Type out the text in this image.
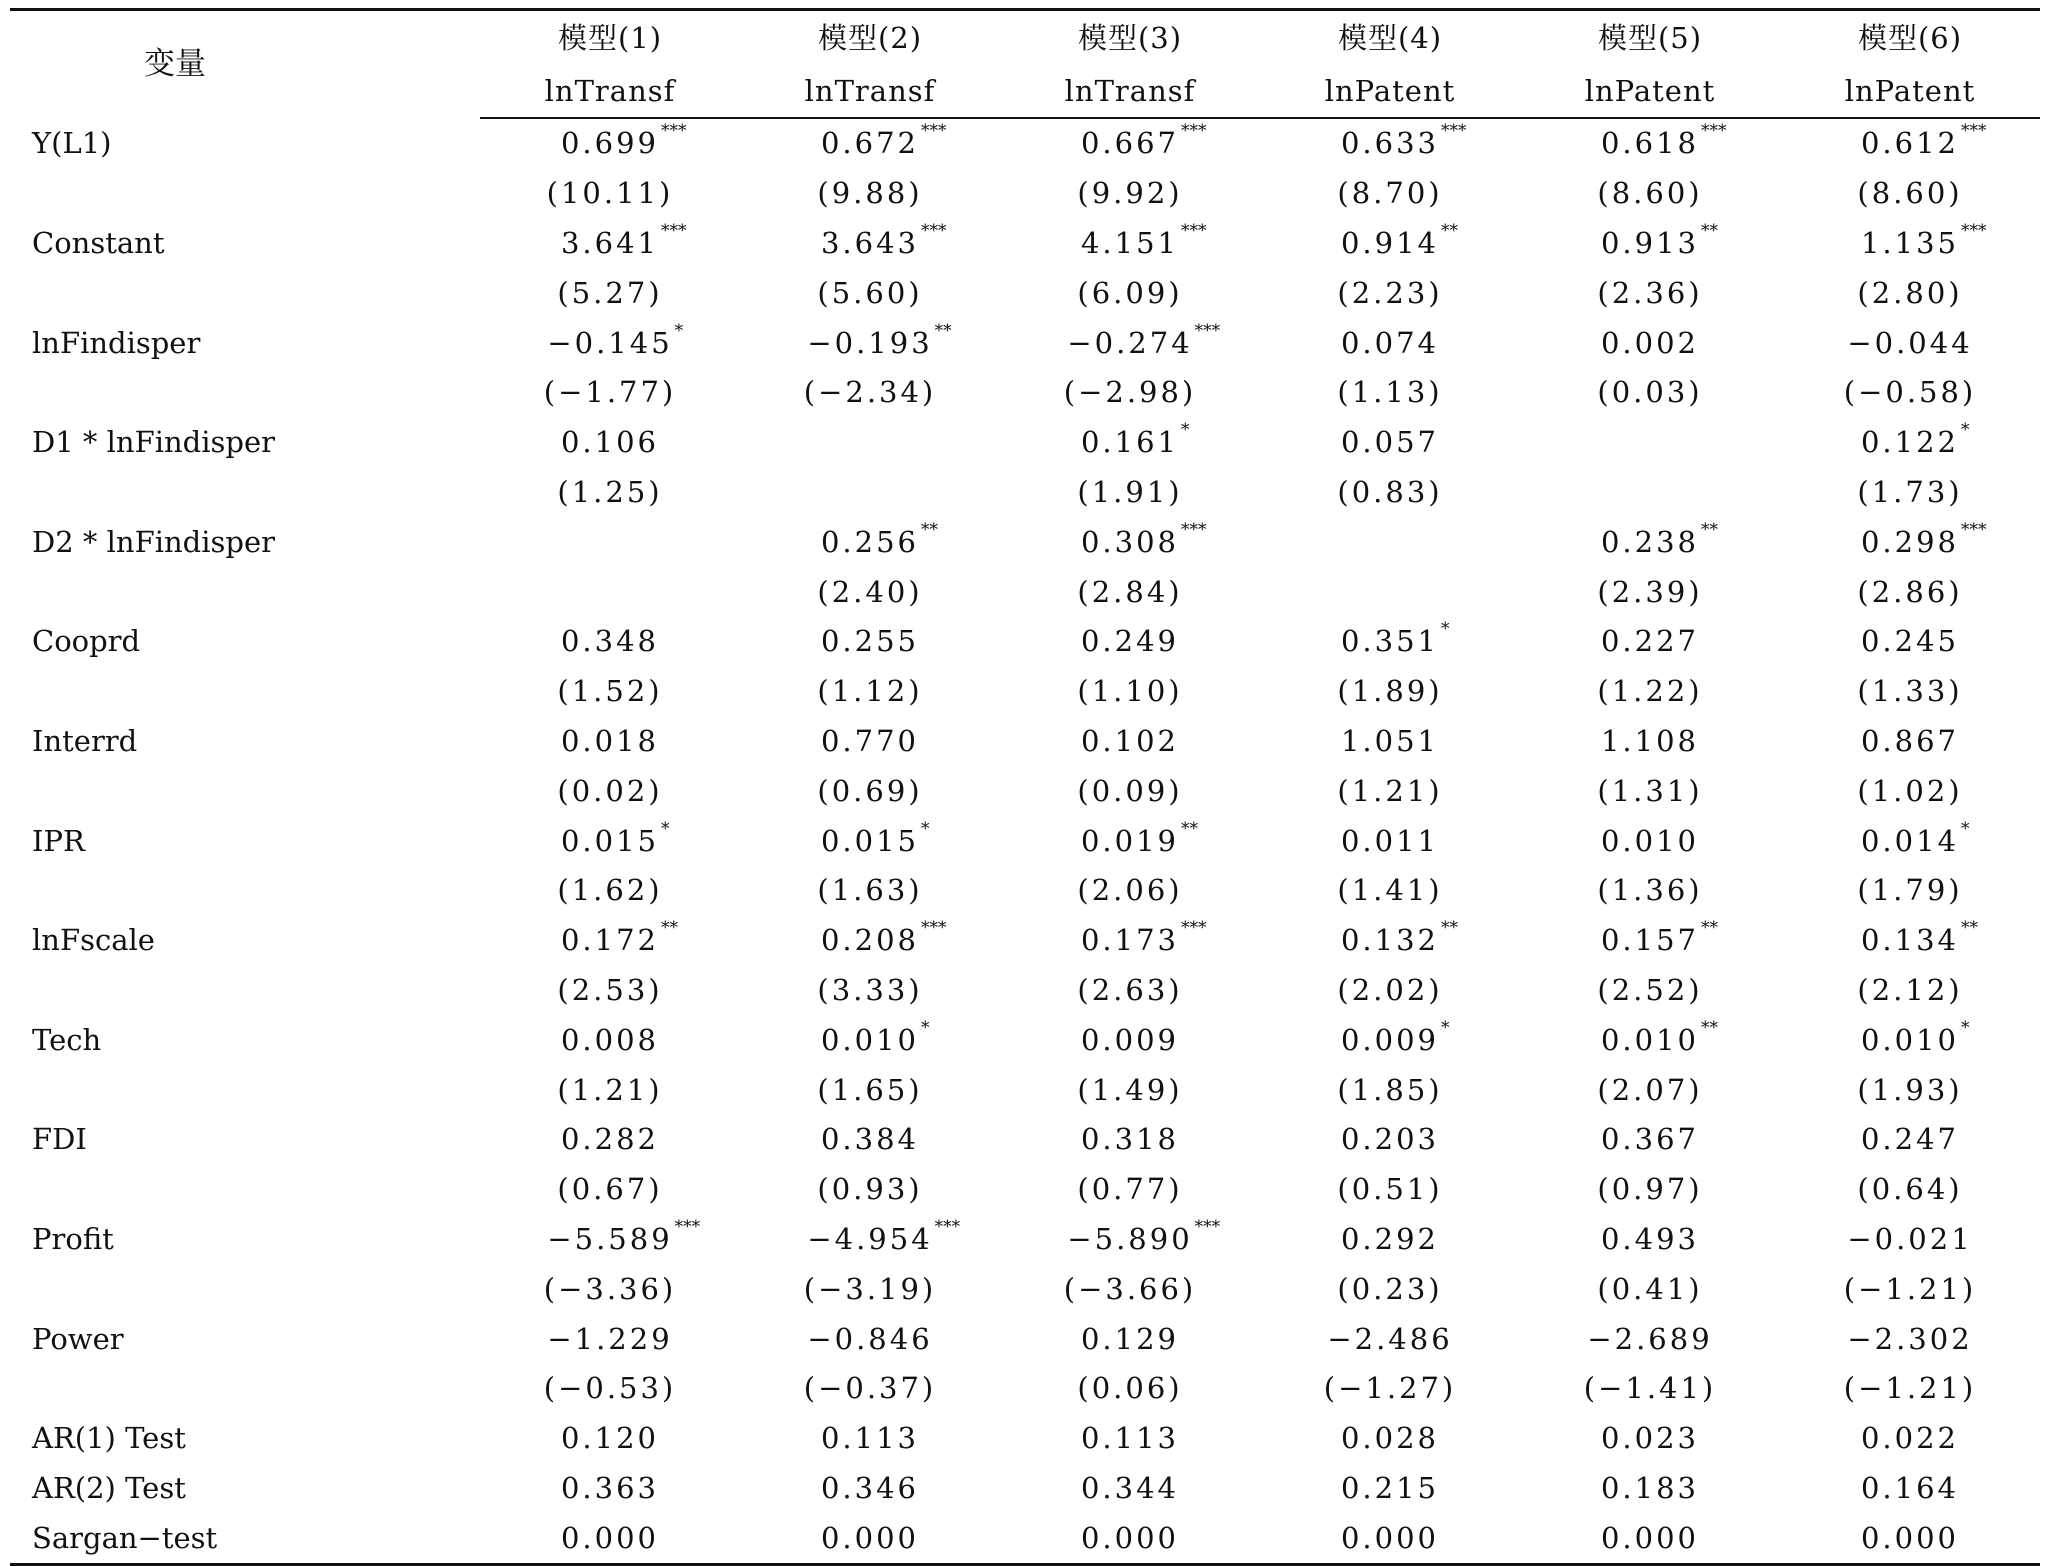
变量	模型(1)	模型(2)	模型(3)	模型(4)	模型(5)	模型(6)
	lnTransf	lnTransf	lnTransf	lnPatent	lnPatent	lnPatent
Y(L1)	0.699 ***	0.672 ***	0.667 ***	0.633 ***	0.618 ***	0.612 ***

	(10.11)	(9.88)	(9.92)	(8.70)	(8.60)	(8.60)
Constant	3.641 ***	3.643 ***	4.151 ***	0.914 **	0.913 **	1.135 ***

	(5.27)	(5.60)	(6.09)	(2.23)	(2.36)	(2.80)
lnFindisper	−0.145 *	−0.193 **	−0.274 ***	0.074	0.002	−0.044

	(−1.77)	(−2.34)	(−2.98)	(1.13)	(0.03)	(−0.58)
D1 * lnFindisper	0.106		0.161 *	0.057		0.122 *

	(1.25)		(1.91)	(0.83)		(1.73)
D2 * lnFindisper		0.256 **	0.308 ***		0.238 **	0.298 ***

		(2.40)	(2.84)		(2.39)	(2.86)
Cooprd	0.348	0.255	0.249	0.351 *	0.227	0.245

	(1.52)	(1.12)	(1.10)	(1.89)	(1.22)	(1.33)
Interrd	0.018	0.770	0.102	1.051	1.108	0.867

	(0.02)	(0.69)	(0.09)	(1.21)	(1.31)	(1.02)
IPR	0.015 *	0.015 *	0.019 **	0.011	0.010	0.014 *

	(1.62)	(1.63)	(2.06)	(1.41)	(1.36)	(1.79)
lnFscale	0.172 **	0.208 ***	0.173 ***	0.132 **	0.157 **	0.134 **

	(2.53)	(3.33)	(2.63)	(2.02)	(2.52)	(2.12)
Tech	0.008	0.010 *	0.009	0.009 *	0.010 **	0.010 *

	(1.21)	(1.65)	(1.49)	(1.85)	(2.07)	(1.93)
FDI	0.282	0.384	0.318	0.203	0.367	0.247

	(0.67)	(0.93)	(0.77)	(0.51)	(0.97)	(0.64)
Profit	−5.589 ***	−4.954 ***	−5.890 ***	0.292	0.493	−0.021

	(−3.36)	(−3.19)	(−3.66)	(0.23)	(0.41)	(−1.21)
Power	−1.229	−0.846	0.129	−2.486	−2.689	−2.302

	(−0.53)	(−0.37)	(0.06)	(−1.27)	(−1.41)	(−1.21)
AR(1) Test	0.120	0.113	0.113	0.028	0.023	0.022
AR(2) Test	0.363	0.346	0.344	0.215	0.183	0.164
Sargan−test	0.000	0.000	0.000	0.000	0.000	0.000
